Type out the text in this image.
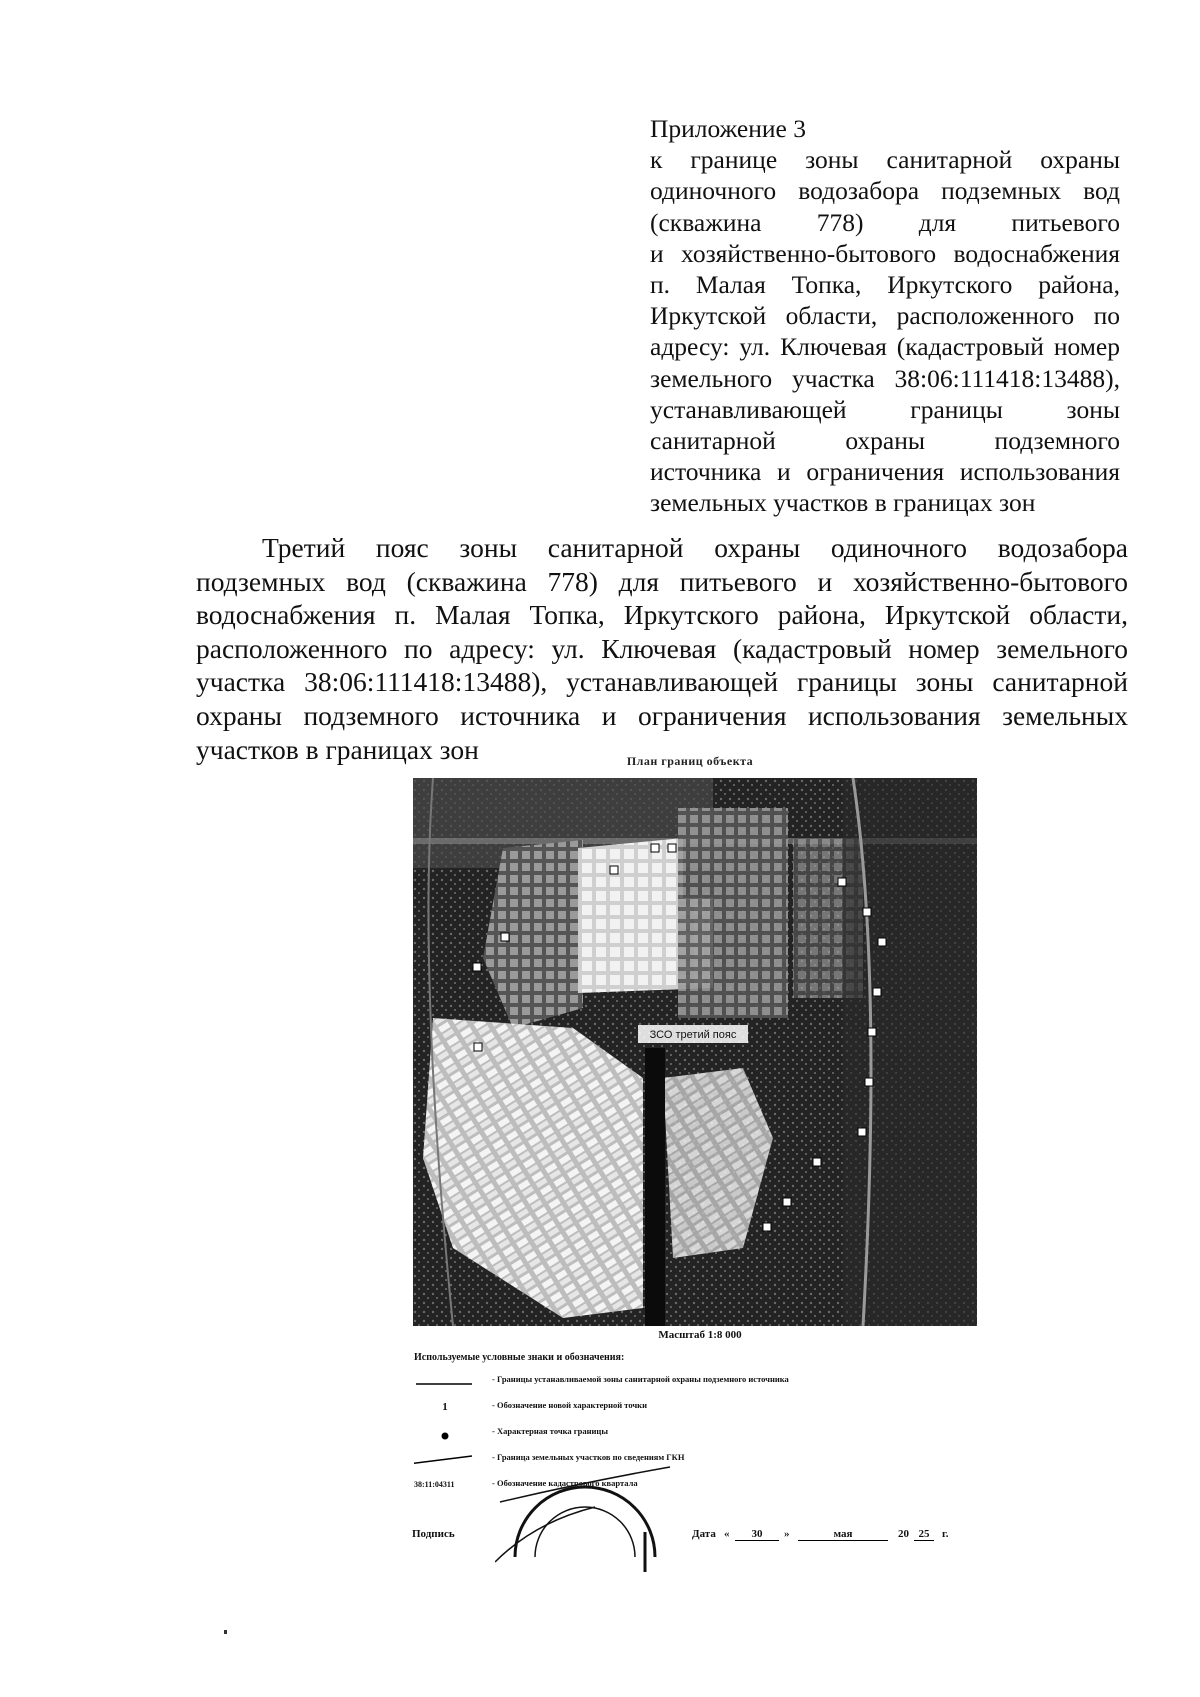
Приложение 3
к границе зоны санитарной охраны
одиночного водозабора подземных вод
(скважина 778) для питьевого
и хозяйственно-бытового водоснабжения
п. Малая Топка, Иркутского района,
Иркутской области, расположенного по
адресу: ул. Ключевая (кадастровый номер
земельного участка 38:06:111418:13488),
устанавливающей границы зоны
санитарной охраны подземного
источника и ограничения использования
земельных участков в границах зон
Третий пояс зоны санитарной охраны одиночного водозабора
подземных вод (скважина 778) для питьевого и хозяйственно-бытового
водоснабжения п. Малая Топка, Иркутского района, Иркутской области,
расположенного по адресу: ул. Ключевая (кадастровый номер земельного
участка 38:06:111418:13488), устанавливающей границы зоны санитарной
охраны подземного источника и ограничения использования земельных
участков в границах зон	План границ объекта
ЗСО третий пояс
Масштаб 1:8 000
Используемые условные знаки и обозначения:
- Границы устанавливаемой зоны санитарной охраны подземного источника
1	- Обозначение новой характерной точки
- Характерная точка границы
- Граница земельных участков по сведениям ГКН
38:11:04311	- Обозначение кадастрового квартала
Подпись	Дата «	30	»	мая	20 25	г.
